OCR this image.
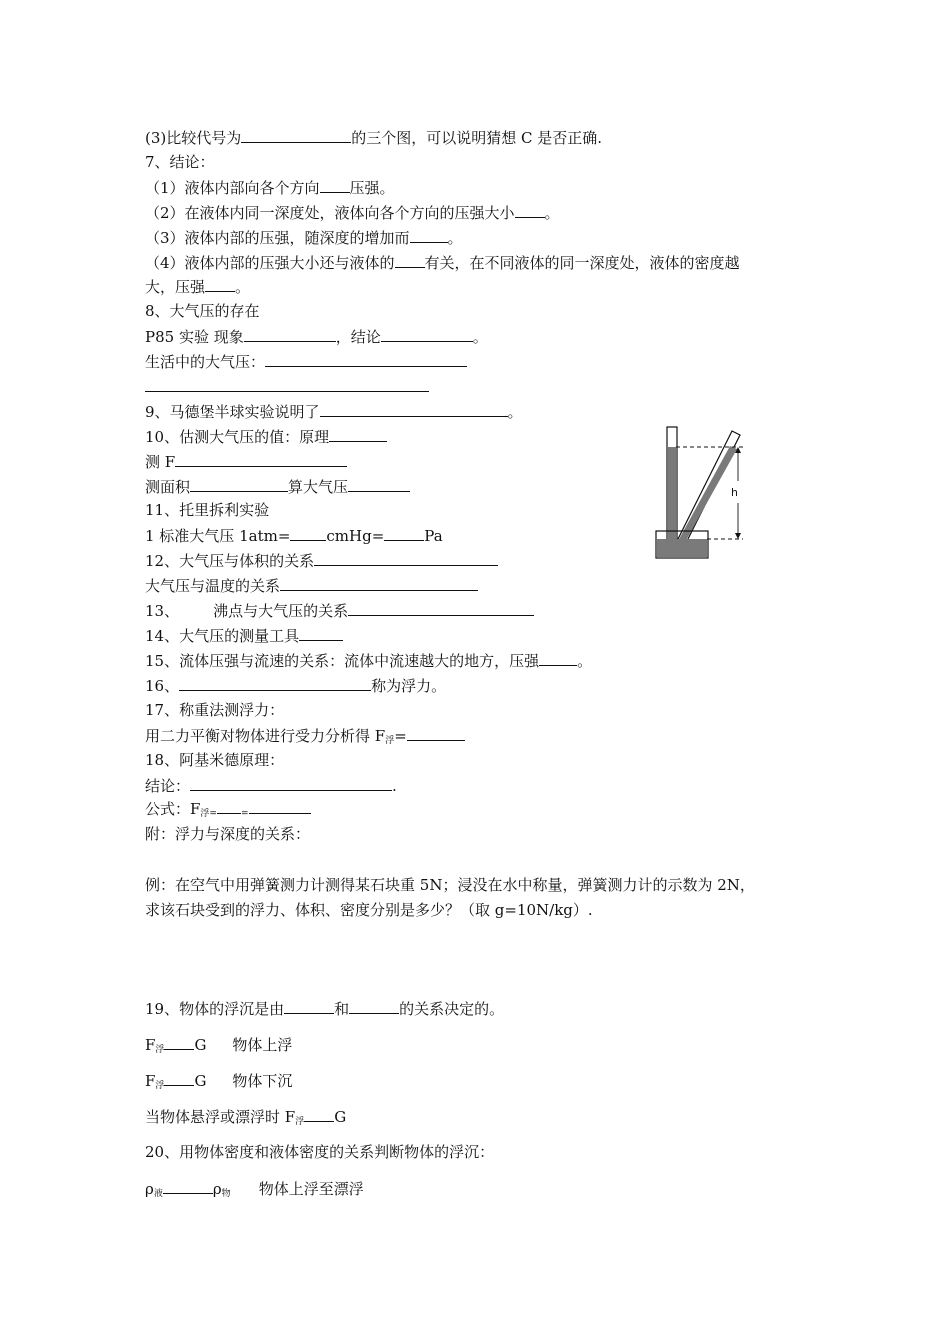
(3)比较代号为	的三个图，可以说明猜想 C 是否正确.
7、结论：
（1）液体内部向各个方向 压强。
（2）在液体内同一深度处，液体向各个方向的压强大小 。
（3）液体内部的压强，随深度的增加而	。
（4）液体内部的压强大小还与液体的 有关，在不同液体的同一深度处，液体的密度越
大，压强 。
8、大气压的存在
P85 实验 现象	，结论	。
生活中的大气压：
9、马德堡半球实验说明了	。
10、估测大气压的值：原理
测 F
测面积	算大气压
11、托里拆利实验
1 标准大气压 1atm= cmHg=	Pa
12、大气压与体积的关系
大气压与温度的关系
13、 沸点与大气压的关系
14、大气压的测量工具
15、流体压强与流速的关系：流体中流速越大的地方，压强	。
16、	称为浮力。
17、称重法测浮力：
用二力平衡对物体进行受力分析得 $F_浮=$
18、阿基米德原理：
结论：	.
公式：$F_{浮=}$	$_=$
附：浮力与深度的关系：
例：在空气中用弹簧测力计测得某石块重 5N；浸没在水中称量，弹簧测力计的示数为 2N，
求该石块受到的浮力、体积、密度分别是多少？（取 g=10N/kg）.
19、物体的浮沉是由	和	的关系决定的。
$F_浮$ G 物体上浮
$F_浮$ G 物体下沉
当物体悬浮或漂浮时 $F_浮$ G
20、用物体密度和液体密度的关系判断物体的浮沉：
$\rho_液$	$\rho_物$ 物体上浮至漂浮
h
